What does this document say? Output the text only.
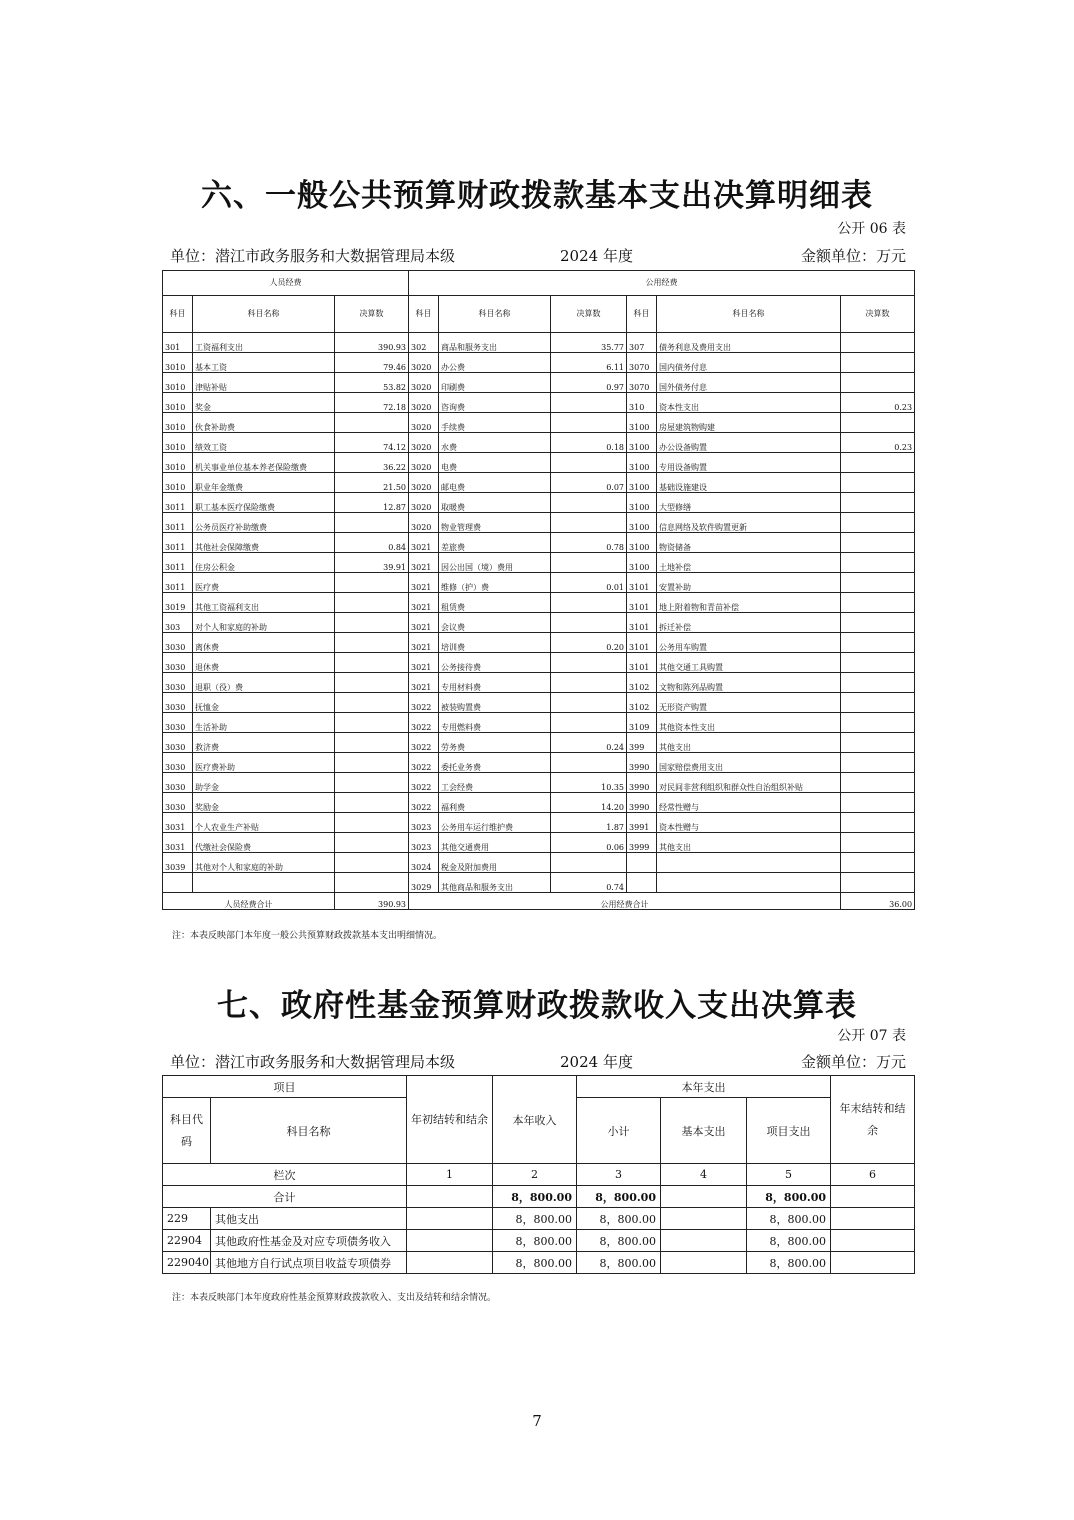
六、一般公共预算财政拨款基本支出决算明细表
公开 06 表
单位：潜江市政务服务和大数据管理局本级	2024 年度	金额单位：万元
人员经费			公用经费					
科目	科目名称	决算数	科目	科目名称	决算数	科目	科目名称	决算数
301	工资福利支出	390.93	302	商品和服务支出	35.77	307	债务利息及费用支出	
3010	基本工资	79.46	3020	办公费	6.11	3070	国内债务付息	
3010	津贴补贴	53.82	3020	印刷费	0.97	3070	国外债务付息	
3010	奖金	72.18	3020	咨询费		310	资本性支出	0.23
3010	伙食补助费		3020	手续费		3100	房屋建筑物购建	
3010	绩效工资	74.12	3020	水费	0.18	3100	办公设备购置	0.23
3010	机关事业单位基本养老保险缴费	36.22	3020	电费		3100	专用设备购置	
3010	职业年金缴费	21.50	3020	邮电费	0.07	3100	基础设施建设	
3011	职工基本医疗保险缴费	12.87	3020	取暖费		3100	大型修缮	
3011	公务员医疗补助缴费		3020	物业管理费		3100	信息网络及软件购置更新	
3011	其他社会保障缴费	0.84	3021	差旅费	0.78	3100	物资储备	
3011	住房公积金	39.91	3021	因公出国（境）费用		3100	土地补偿	
3011	医疗费		3021	维修（护）费	0.01	3101	安置补助	
3019	其他工资福利支出		3021	租赁费		3101	地上附着物和青苗补偿	
303	对个人和家庭的补助		3021	会议费		3101	拆迁补偿	
3030	离休费		3021	培训费	0.20	3101	公务用车购置	
3030	退休费		3021	公务接待费		3101	其他交通工具购置	
3030	退职（役）费		3021	专用材料费		3102	文物和陈列品购置	
3030	抚恤金		3022	被装购置费		3102	无形资产购置	
3030	生活补助		3022	专用燃料费		3109	其他资本性支出	
3030	救济费		3022	劳务费	0.24	399	其他支出	
3030	医疗费补助		3022	委托业务费		3990	国家赔偿费用支出	
3030	助学金		3022	工会经费	10.35	3990	对民间非营利组织和群众性自治组织补贴	
3030	奖励金		3022	福利费	14.20	3990	经常性赠与	
3031	个人农业生产补贴		3023	公务用车运行维护费	1.87	3991	资本性赠与	
3031	代缴社会保险费		3023	其他交通费用	0.06	3999	其他支出	
3039	其他对个人和家庭的补助		3024	税金及附加费用				
			3029	其他商品和服务支出	0.74			
人员经费合计		390.93	公用经费合计					36.00
注：本表反映部门本年度一般公共预算财政拨款基本支出明细情况。
七、政府性基金预算财政拨款收入支出决算表
公开 07 表
单位：潜江市政务服务和大数据管理局本级	2024 年度	金额单位：万元
项目		年初结转和结余	本年收入	本年支出			年末结转和结余
科目代码	科目名称			小计	基本支出	项目支出	
栏次		1	2	3	4	5	6
合计			8，800.00	8，800.00		8，800.00	
229	其他支出		8，800.00	8，800.00		8，800.00	
22904	其他政府性基金及对应专项债务收入		8，800.00	8，800.00		8，800.00	
229040	其他地方自行试点项目收益专项债券		8，800.00	8，800.00		8，800.00	
注：本表反映部门本年度政府性基金预算财政拨款收入、支出及结转和结余情况。
7
